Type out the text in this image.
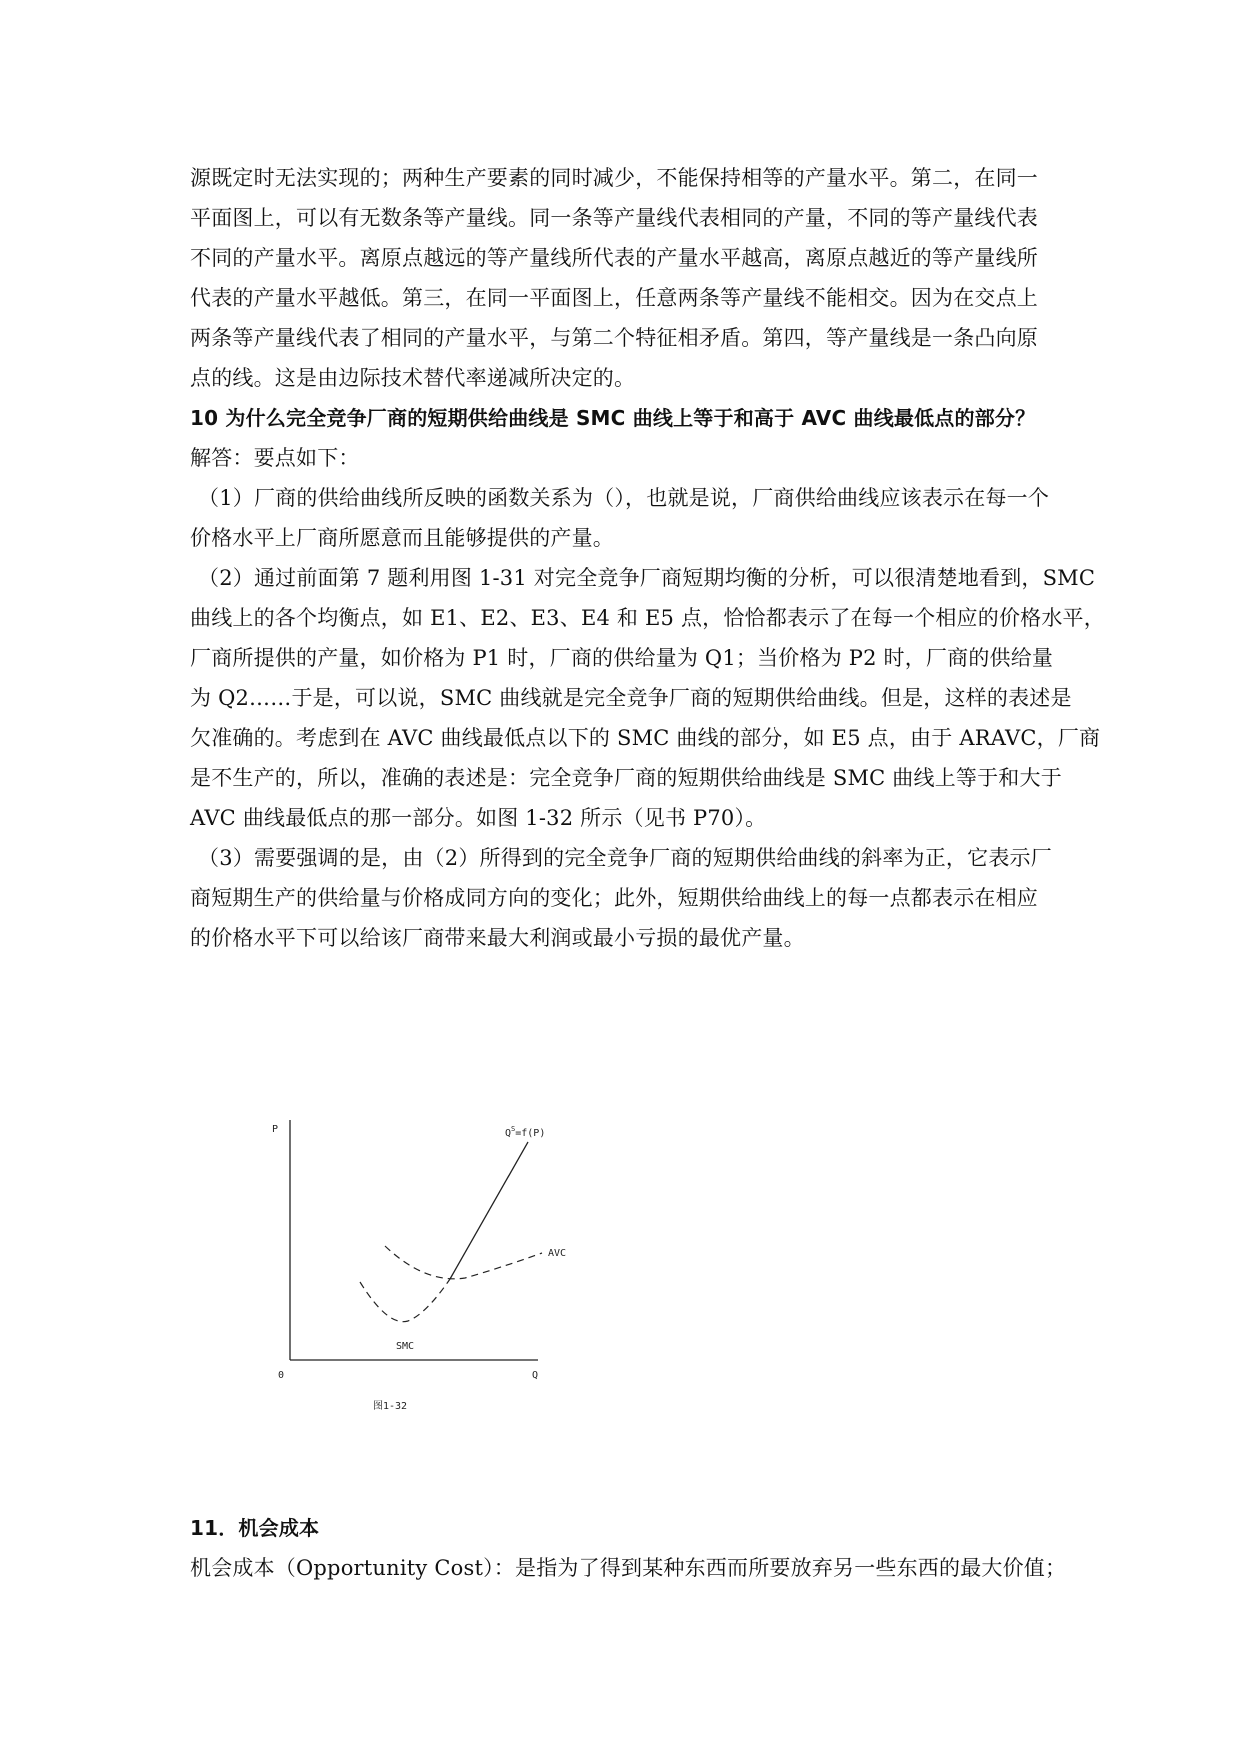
源既定时无法实现的；两种生产要素的同时减少，不能保持相等的产量水平。第二，在同一
平面图上，可以有无数条等产量线。同一条等产量线代表相同的产量，不同的等产量线代表
不同的产量水平。离原点越远的等产量线所代表的产量水平越高，离原点越近的等产量线所
代表的产量水平越低。第三，在同一平面图上，任意两条等产量线不能相交。因为在交点上
两条等产量线代表了相同的产量水平，与第二个特征相矛盾。第四，等产量线是一条凸向原
点的线。这是由边际技术替代率递减所决定的。
10 为什么完全竞争厂商的短期供给曲线是 SMC 曲线上等于和高于 AVC 曲线最低点的部分？
解答：要点如下：
（1）厂商的供给曲线所反映的函数关系为（），也就是说，厂商供给曲线应该表示在每一个
价格水平上厂商所愿意而且能够提供的产量。
（2）通过前面第 7 题利用图 1-31 对完全竞争厂商短期均衡的分析，可以很清楚地看到，SMC
曲线上的各个均衡点，如 E1、E2、E3、E4 和 E5 点，恰恰都表示了在每一个相应的价格水平，
厂商所提供的产量，如价格为 P1 时，厂商的供给量为 Q1；当价格为 P2 时，厂商的供给量
为 Q2……于是，可以说，SMC 曲线就是完全竞争厂商的短期供给曲线。但是，这样的表述是
欠准确的。考虑到在 AVC 曲线最低点以下的 SMC 曲线的部分，如 E5 点，由于 ARAVC，厂商
是不生产的，所以，准确的表述是：完全竞争厂商的短期供给曲线是 SMC 曲线上等于和大于
AVC 曲线最低点的那一部分。如图 1-32 所示（见书 P70）。
（3）需要强调的是，由（2）所得到的完全竞争厂商的短期供给曲线的斜率为正，它表示厂
商短期生产的供给量与价格成同方向的变化；此外，短期供给曲线上的每一点都表示在相应
的价格水平下可以给该厂商带来最大利润或最小亏损的最优产量。
P
Q
0
$Q^S=f(P)$
AVC
SMC
图1-32
11．机会成本
机会成本（Opportunity Cost）：是指为了得到某种东西而所要放弃另一些东西的最大价值；
